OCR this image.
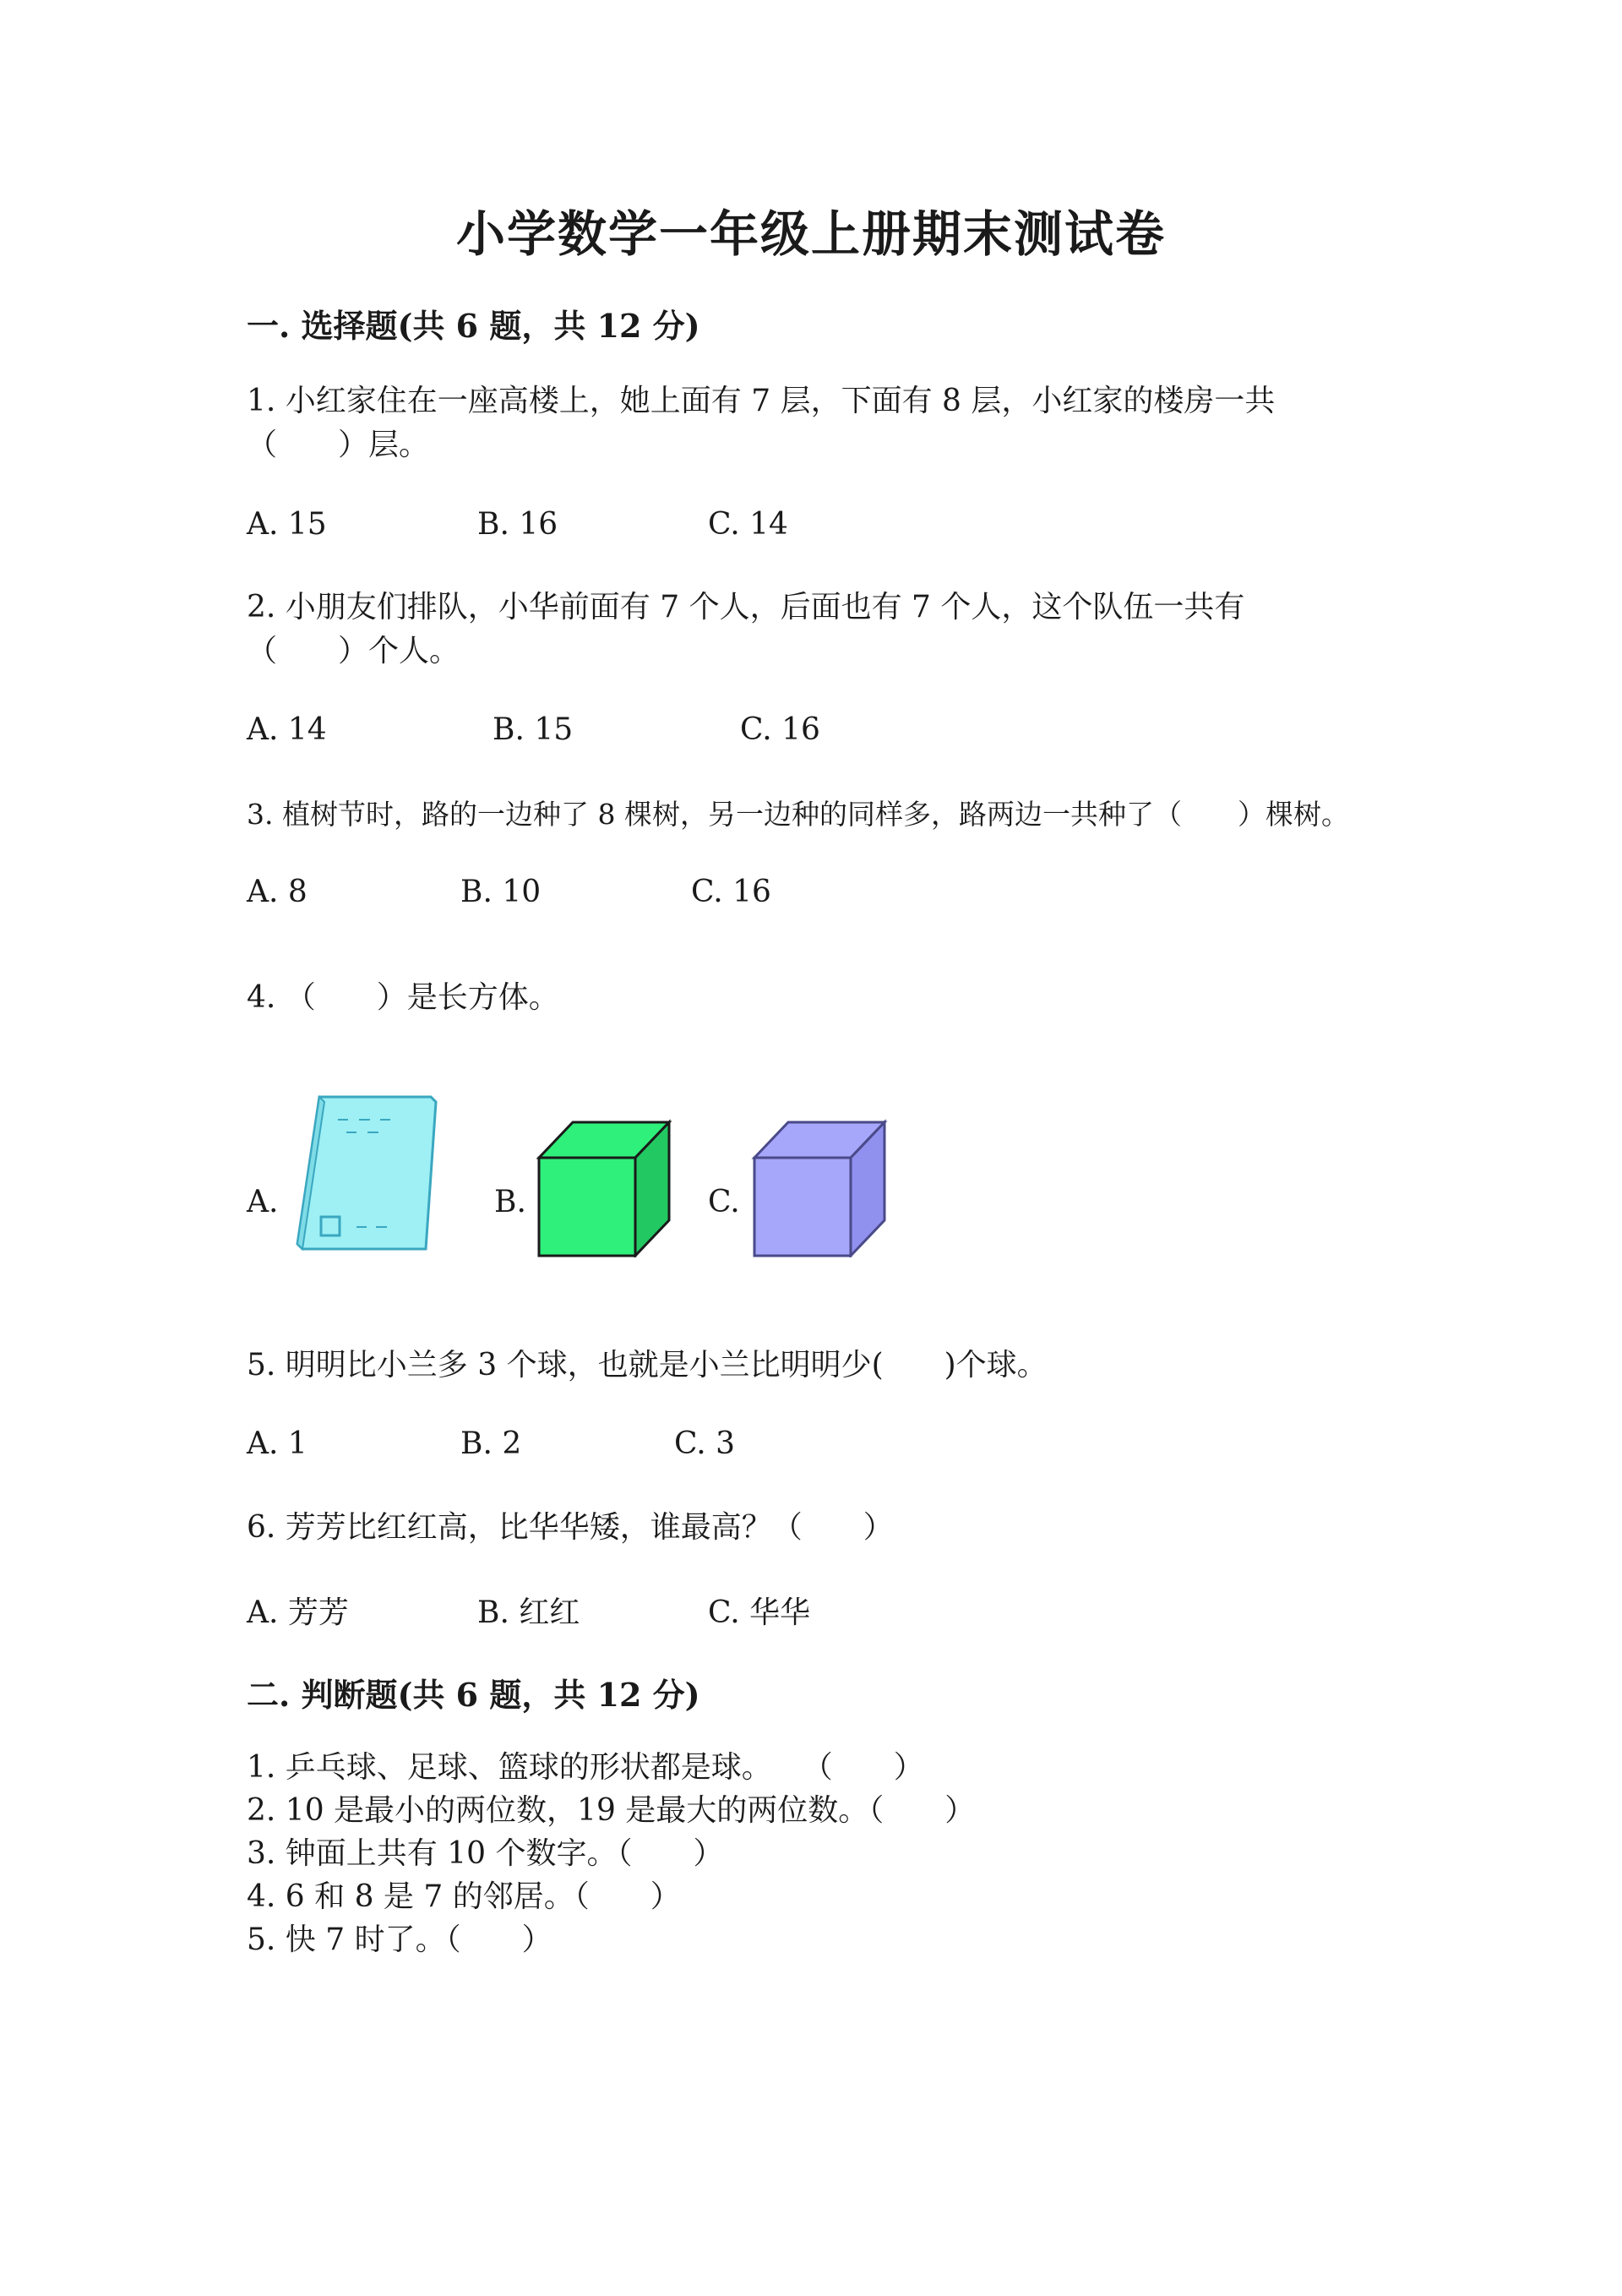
小学数学一年级上册期末测试卷
一. 选择题(共 6 题，共 12 分)
1. 小红家住在一座高楼上，她上面有 7 层，下面有 8 层，小红家的楼房一共
（　　）层。
A. 15	B. 16	C. 14
2. 小朋友们排队，小华前面有 7 个人，后面也有 7 个人，这个队伍一共有
（　　）个人。
A. 14	B. 15	C. 16
3. 植树节时，路的一边种了 8 棵树，另一边种的同样多，路两边一共种了（　　）棵树。
A. 8	B. 10	C. 16
4. （　　）是长方体。
A.	B.	C.
5. 明明比小兰多 3 个球，也就是小兰比明明少(　　)个球。
A. 1	B. 2	C. 3
6. 芳芳比红红高，比华华矮，谁最高？（　　）
A. 芳芳	B. 红红	C. 华华
二. 判断题(共 6 题，共 12 分)
1. 乒乓球、足球、篮球的形状都是球。　　（　　）
2. 10 是最小的两位数，19 是最大的两位数。（　　）
3. 钟面上共有 10 个数字。（　　）
4. 6 和 8 是 7 的邻居。（　　）
5. 快 7 时了。（　　）
